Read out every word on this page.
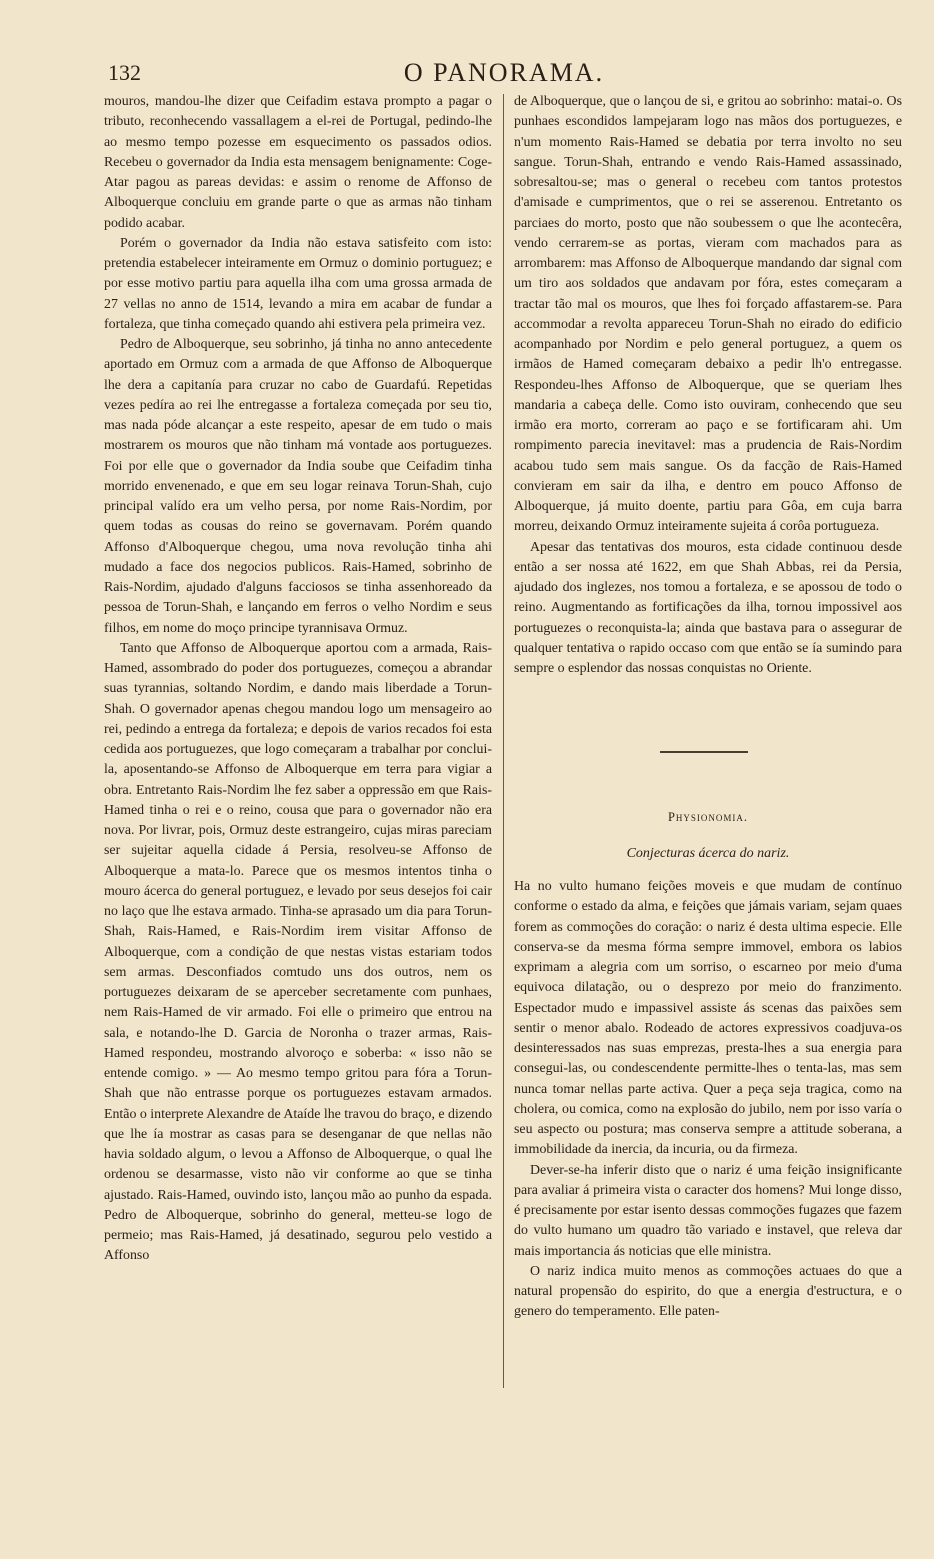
132	O PANORAMA.

mouros, mandou-lhe dizer que Ceifadim estava prompto a pagar o tributo, reconhecendo vassallagem a el-rei de Portugal, pedindo-lhe ao mesmo tempo pozesse em esquecimento os passados odios. Recebeu o governador da India esta mensagem benignamente: Coge-Atar pagou as pareas devidas: e assim o renome de Affonso de Alboquerque concluiu em grande parte o que as armas não tinham podido acabar.

Porém o governador da India não estava satisfeito com isto: pretendia estabelecer inteiramente em Ormuz o dominio portuguez; e por esse motivo partiu para aquella ilha com uma grossa armada de 27 vellas no anno de 1514, levando a mira em acabar de fundar a fortaleza, que tinha começado quando ahi estivera pela primeira vez.

Pedro de Alboquerque, seu sobrinho, já tinha no anno antecedente aportado em Ormuz com a armada de que Affonso de Alboquerque lhe dera a capitanía para cruzar no cabo de Guardafú. Repetidas vezes pedíra ao rei lhe entregasse a fortaleza começada por seu tio, mas nada póde alcançar a este respeito, apesar de em tudo o mais mostrarem os mouros que não tinham má vontade aos portuguezes. Foi por elle que o governador da India soube que Ceifadim tinha morrido envenenado, e que em seu logar reinava Torun-Shah, cujo principal valído era um velho persa, por nome Rais-Nordim, por quem todas as cousas do reino se governavam. Porém quando Affonso d'Alboquerque chegou, uma nova revolução tinha ahi mudado a face dos negocios publicos. Rais-Hamed, sobrinho de Rais-Nordim, ajudado d'alguns facciosos se tinha assenhoreado da pessoa de Torun-Shah, e lançando em ferros o velho Nordim e seus filhos, em nome do moço principe tyrannisava Ormuz.

Tanto que Affonso de Alboquerque aportou com a armada, Rais-Hamed, assombrado do poder dos portuguezes, começou a abrandar suas tyrannias, soltando Nordim, e dando mais liberdade a Torun-Shah. O governador apenas chegou mandou logo um mensageiro ao rei, pedindo a entrega da fortaleza; e depois de varios recados foi esta cedida aos portuguezes, que logo começaram a trabalhar por conclui-la, aposentando-se Affonso de Alboquerque em terra para vigiar a obra. Entretanto Rais-Nordim lhe fez saber a oppressão em que Rais-Hamed tinha o rei e o reino, cousa que para o governador não era nova. Por livrar, pois, Ormuz deste estrangeiro, cujas miras pareciam ser sujeitar aquella cidade á Persia, resolveu-se Affonso de Alboquerque a mata-lo. Parece que os mesmos intentos tinha o mouro ácerca do general portuguez, e levado por seus desejos foi cair no laço que lhe estava armado. Tinha-se aprasado um dia para Torun-Shah, Rais-Hamed, e Rais-Nordim irem visitar Affonso de Alboquerque, com a condição de que nestas vistas estariam todos sem armas. Desconfiados comtudo uns dos outros, nem os portuguezes deixaram de se aperceber secretamente com punhaes, nem Rais-Hamed de vir armado. Foi elle o primeiro que entrou na sala, e notando-lhe D. Garcia de Noronha o trazer armas, Rais-Hamed respondeu, mostrando alvoroço e soberba: « isso não se entende comigo. » — Ao mesmo tempo gritou para fóra a Torun-Shah que não entrasse porque os portuguezes estavam armados. Então o interprete Alexandre de Ataíde lhe travou do braço, e dizendo que lhe ía mostrar as casas para se desenganar de que nellas não havia soldado algum, o levou a Affonso de Alboquerque, o qual lhe ordenou se desarmasse, visto não vir conforme ao que se tinha ajustado. Rais-Hamed, ouvindo isto, lançou mão ao punho da espada. Pedro de Alboquerque, sobrinho do general, metteu-se logo de permeio; mas Rais-Hamed, já desatinado, segurou pelo vestido a Affonso

de Alboquerque, que o lançou de si, e gritou ao sobrinho: matai-o. Os punhaes escondidos lampejaram logo nas mãos dos portuguezes, e n'um momento Rais-Hamed se debatia por terra involto no seu sangue. Torun-Shah, entrando e vendo Rais-Hamed assassinado, sobresaltou-se; mas o general o recebeu com tantos protestos d'amisade e cumprimentos, que o rei se asserenou. Entretanto os parciaes do morto, posto que não soubessem o que lhe acontecêra, vendo cerrarem-se as portas, vieram com machados para as arrombarem: mas Affonso de Alboquerque mandando dar signal com um tiro aos soldados que andavam por fóra, estes começaram a tractar tão mal os mouros, que lhes foi forçado affastarem-se. Para accommodar a revolta appareceu Torun-Shah no eirado do edificio acompanhado por Nordim e pelo general portuguez, a quem os irmãos de Hamed começaram debaixo a pedir lh'o entregasse. Respondeu-lhes Affonso de Alboquerque, que se queriam lhes mandaria a cabeça delle. Como isto ouviram, conhecendo que seu irmão era morto, correram ao paço e se fortificaram ahi. Um rompimento parecia inevitavel: mas a prudencia de Rais-Nordim acabou tudo sem mais sangue. Os da facção de Rais-Hamed convieram em sair da ilha, e dentro em pouco Affonso de Alboquerque, já muito doente, partiu para Gôa, em cuja barra morreu, deixando Ormuz inteiramente sujeita á corôa portugueza.

Apesar das tentativas dos mouros, esta cidade continuou desde então a ser nossa até 1622, em que Shah Abbas, rei da Persia, ajudado dos inglezes, nos tomou a fortaleza, e se apossou de todo o reino. Augmentando as fortificações da ilha, tornou impossivel aos portuguezes o reconquista-la; ainda que bastava para o assegurar de qualquer tentativa o rapido occaso com que então se ía sumindo para sempre o esplendor das nossas conquistas no Oriente.

Physionomia.
Conjecturas ácerca do nariz.

Ha no vulto humano feições moveis e que mudam de contínuo conforme o estado da alma, e feições que jámais variam, sejam quaes forem as commoções do coração: o nariz é desta ultima especie. Elle conserva-se da mesma fórma sempre immovel, embora os labios exprimam a alegria com um sorriso, o escarneo por meio d'uma equivoca dilatação, ou o desprezo por meio do franzimento. Espectador mudo e impassivel assiste ás scenas das paixões sem sentir o menor abalo. Rodeado de actores expressivos coadjuva-os desinteressados nas suas emprezas, presta-lhes a sua energia para consegui-las, ou condescendente permitte-lhes o tenta-las, mas sem nunca tomar nellas parte activa. Quer a peça seja tragica, como na cholera, ou comica, como na explosão do jubilo, nem por isso varía o seu aspecto ou postura; mas conserva sempre a attitude soberana, a immobilidade da inercia, da incuria, ou da firmeza.

Dever-se-ha inferir disto que o nariz é uma feição insignificante para avaliar á primeira vista o caracter dos homens? Mui longe disso, é precisamente por estar isento dessas commoções fugazes que fazem do vulto humano um quadro tão variado e instavel, que releva dar mais importancia ás noticias que elle ministra.

O nariz indica muito menos as commoções actuaes do que a natural propensão do espirito, do que a energia d'estructura, e o genero do temperamento. Elle paten-
